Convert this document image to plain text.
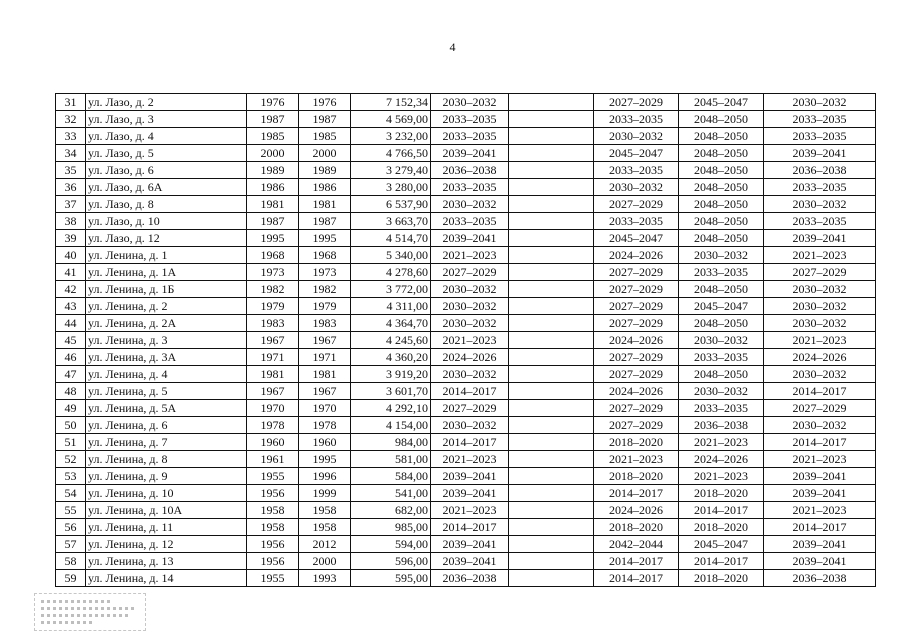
4
31	ул. Лазо, д. 2	1976	1976	7 152,34	2030–2032		2027–2029	2045–2047	2030–2032
32	ул. Лазо, д. 3	1987	1987	4 569,00	2033–2035		2033–2035	2048–2050	2033–2035
33	ул. Лазо, д. 4	1985	1985	3 232,00	2033–2035		2030–2032	2048–2050	2033–2035
34	ул. Лазо, д. 5	2000	2000	4 766,50	2039–2041		2045–2047	2048–2050	2039–2041
35	ул. Лазо, д. 6	1989	1989	3 279,40	2036–2038		2033–2035	2048–2050	2036–2038
36	ул. Лазо, д. 6А	1986	1986	3 280,00	2033–2035		2030–2032	2048–2050	2033–2035
37	ул. Лазо, д. 8	1981	1981	6 537,90	2030–2032		2027–2029	2048–2050	2030–2032
38	ул. Лазо, д. 10	1987	1987	3 663,70	2033–2035		2033–2035	2048–2050	2033–2035
39	ул. Лазо, д. 12	1995	1995	4 514,70	2039–2041		2045–2047	2048–2050	2039–2041
40	ул. Ленина, д. 1	1968	1968	5 340,00	2021–2023		2024–2026	2030–2032	2021–2023
41	ул. Ленина, д. 1А	1973	1973	4 278,60	2027–2029		2027–2029	2033–2035	2027–2029
42	ул. Ленина, д. 1Б	1982	1982	3 772,00	2030–2032		2027–2029	2048–2050	2030–2032
43	ул. Ленина, д. 2	1979	1979	4 311,00	2030–2032		2027–2029	2045–2047	2030–2032
44	ул. Ленина, д. 2А	1983	1983	4 364,70	2030–2032		2027–2029	2048–2050	2030–2032
45	ул. Ленина, д. 3	1967	1967	4 245,60	2021–2023		2024–2026	2030–2032	2021–2023
46	ул. Ленина, д. 3А	1971	1971	4 360,20	2024–2026		2027–2029	2033–2035	2024–2026
47	ул. Ленина, д. 4	1981	1981	3 919,20	2030–2032		2027–2029	2048–2050	2030–2032
48	ул. Ленина, д. 5	1967	1967	3 601,70	2014–2017		2024–2026	2030–2032	2014–2017
49	ул. Ленина, д. 5А	1970	1970	4 292,10	2027–2029		2027–2029	2033–2035	2027–2029
50	ул. Ленина, д. 6	1978	1978	4 154,00	2030–2032		2027–2029	2036–2038	2030–2032
51	ул. Ленина, д. 7	1960	1960	984,00	2014–2017		2018–2020	2021–2023	2014–2017
52	ул. Ленина, д. 8	1961	1995	581,00	2021–2023		2021–2023	2024–2026	2021–2023
53	ул. Ленина, д. 9	1955	1996	584,00	2039–2041		2018–2020	2021–2023	2039–2041
54	ул. Ленина, д. 10	1956	1999	541,00	2039–2041		2014–2017	2018–2020	2039–2041
55	ул. Ленина, д. 10А	1958	1958	682,00	2021–2023		2024–2026	2014–2017	2021–2023
56	ул. Ленина, д. 11	1958	1958	985,00	2014–2017		2018–2020	2018–2020	2014–2017
57	ул. Ленина, д. 12	1956	2012	594,00	2039–2041		2042–2044	2045–2047	2039–2041
58	ул. Ленина, д. 13	1956	2000	596,00	2039–2041		2014–2017	2014–2017	2039–2041
59	ул. Ленина, д. 14	1955	1993	595,00	2036–2038		2014–2017	2018–2020	2036–2038
